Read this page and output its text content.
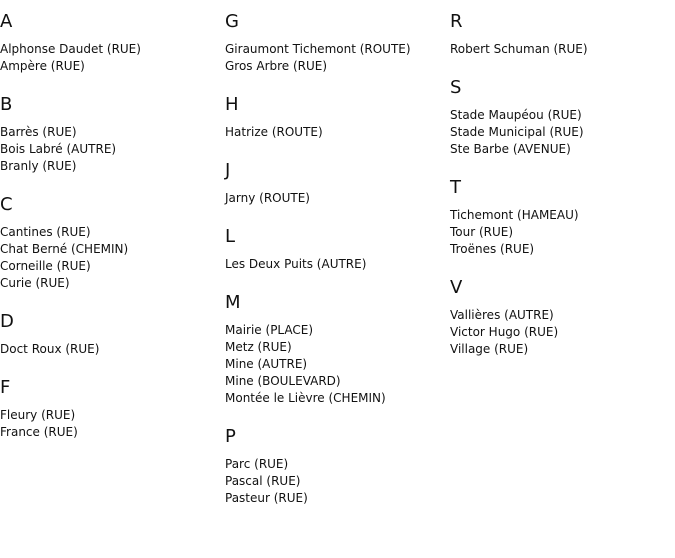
A
Alphonse Daudet (RUE)
Ampère (RUE)
B
Barrès (RUE)
Bois Labré (AUTRE)
Branly (RUE)
C
Cantines (RUE)
Chat Berné (CHEMIN)
Corneille (RUE)
Curie (RUE)
D
Doct Roux (RUE)
F
Fleury (RUE)
France (RUE)
G
Giraumont Tichemont (ROUTE)
Gros Arbre (RUE)
H
Hatrize (ROUTE)
J
Jarny (ROUTE)
L
Les Deux Puits (AUTRE)
M
Mairie (PLACE)
Metz (RUE)
Mine (AUTRE)
Mine (BOULEVARD)
Montée le Lièvre (CHEMIN)
P
Parc (RUE)
Pascal (RUE)
Pasteur (RUE)
R
Robert Schuman (RUE)
S
Stade Maupéou (RUE)
Stade Municipal (RUE)
Ste Barbe (AVENUE)
T
Tichemont (HAMEAU)
Tour (RUE)
Troënes (RUE)
V
Vallières (AUTRE)
Victor Hugo (RUE)
Village (RUE)
